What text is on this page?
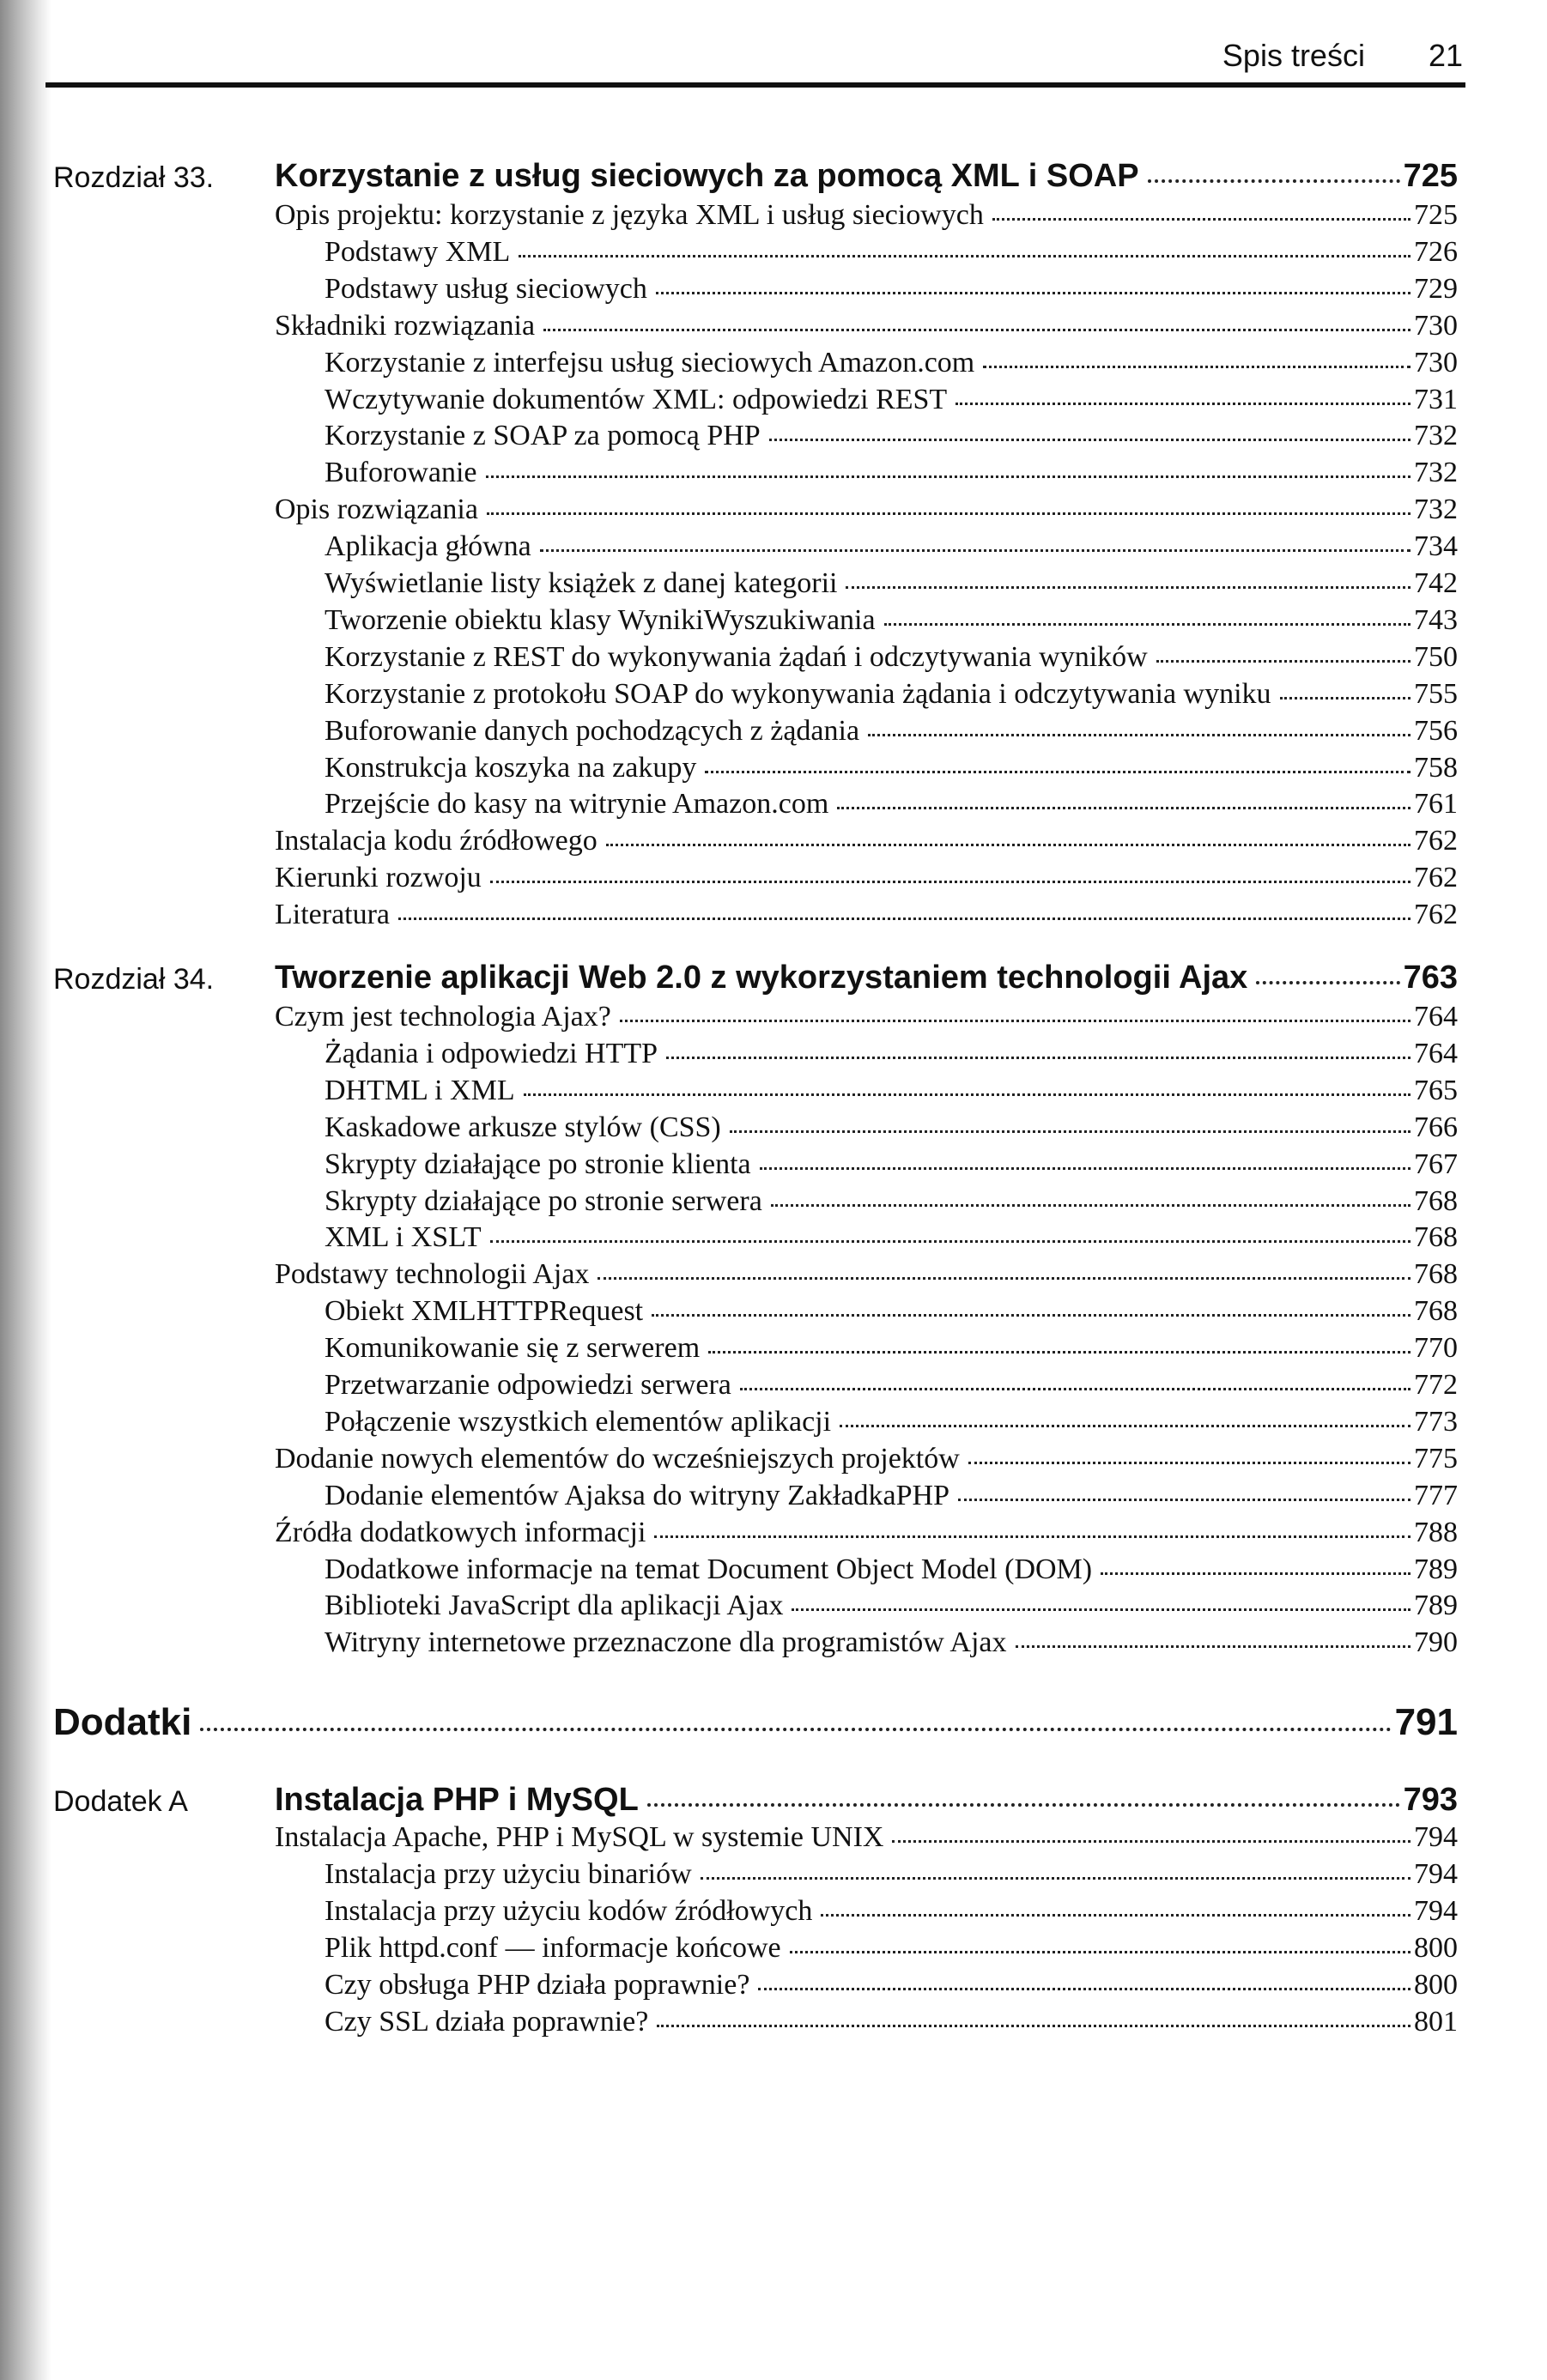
Spis treści 21
Rozdział 33. Korzystanie z usług sieciowych za pomocą XML i SOAP	725
Opis projektu: korzystanie z języka XML i usług sieciowych	725
Podstawy XML	726
Podstawy usług sieciowych	729
Składniki rozwiązania	730
Korzystanie z interfejsu usług sieciowych Amazon.com	730
Wczytywanie dokumentów XML: odpowiedzi REST	731
Korzystanie z SOAP za pomocą PHP	732
Buforowanie	732
Opis rozwiązania	732
Aplikacja główna	734
Wyświetlanie listy książek z danej kategorii	742
Tworzenie obiektu klasy WynikiWyszukiwania	743
Korzystanie z REST do wykonywania żądań i odczytywania wyników	750
Korzystanie z protokołu SOAP do wykonywania żądania i odczytywania wyniku	755
Buforowanie danych pochodzących z żądania	756
Konstrukcja koszyka na zakupy	758
Przejście do kasy na witrynie Amazon.com	761
Instalacja kodu źródłowego	762
Kierunki rozwoju	762
Literatura	762
Rozdział 34. Tworzenie aplikacji Web 2.0 z wykorzystaniem technologii Ajax	763
Czym jest technologia Ajax?	764
Żądania i odpowiedzi HTTP	764
DHTML i XML	765
Kaskadowe arkusze stylów (CSS)	766
Skrypty działające po stronie klienta	767
Skrypty działające po stronie serwera	768
XML i XSLT	768
Podstawy technologii Ajax	768
Obiekt XMLHTTPRequest	768
Komunikowanie się z serwerem	770
Przetwarzanie odpowiedzi serwera	772
Połączenie wszystkich elementów aplikacji	773
Dodanie nowych elementów do wcześniejszych projektów	775
Dodanie elementów Ajaksa do witryny ZakładkaPHP	777
Źródła dodatkowych informacji	788
Dodatkowe informacje na temat Document Object Model (DOM)	789
Biblioteki JavaScript dla aplikacji Ajax	789
Witryny internetowe przeznaczone dla programistów Ajax	790
Dodatki	791
Dodatek A	Instalacja PHP i MySQL	793
Instalacja Apache, PHP i MySQL w systemie UNIX	794
Instalacja przy użyciu binariów	794
Instalacja przy użyciu kodów źródłowych	794
Plik httpd.conf — informacje końcowe	800
Czy obsługa PHP działa poprawnie?	800
Czy SSL działa poprawnie?	801
